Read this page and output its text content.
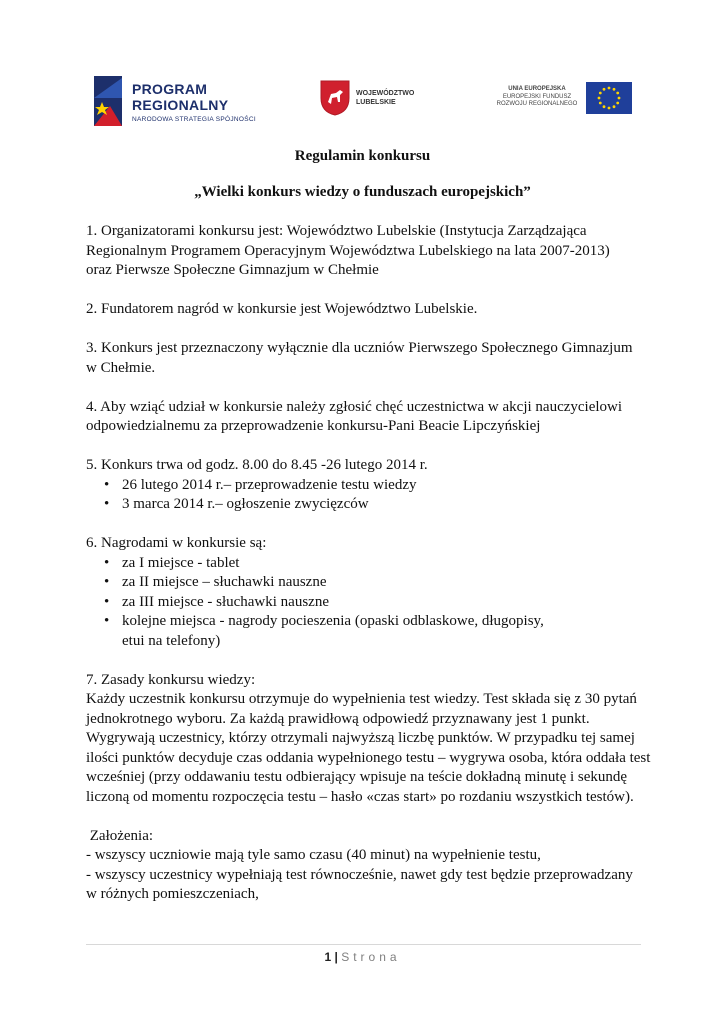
PROGRAM
REGIONALNY
NARODOWA STRATEGIA SPÓJNOŚCI
WOJEWÓDZTWO
LUBELSKIE
UNIA EUROPEJSKA
EUROPEJSKI FUNDUSZ
ROZWOJU REGIONALNEGO
Regulamin konkursu
„Wielki konkurs wiedzy o funduszach europejskich”

1. Organizatorami konkursu jest: Województwo Lubelskie (Instytucja Zarządzająca
Regionalnym Programem Operacyjnym Województwa Lubelskiego na lata 2007-2013)
oraz Pierwsze Społeczne Gimnazjum w Chełmie

2. Fundatorem nagród w konkursie jest Województwo Lubelskie.

3. Konkurs jest przeznaczony wyłącznie dla uczniów Pierwszego Społecznego Gimnazjum
w Chełmie.

4. Aby wziąć udział w konkursie należy zgłosić chęć uczestnictwa w akcji nauczycielowi
odpowiedzialnemu za przeprowadzenie konkursu-Pani Beacie Lipczyńskiej

5. Konkurs trwa od godz. 8.00 do 8.45 -26 lutego 2014 r.
• 26 lutego 2014 r.– przeprowadzenie testu wiedzy
• 3 marca 2014 r.– ogłoszenie zwycięzców
6. Nagrodami w konkursie są:
• za I miejsce - tablet
• za II miejsce – słuchawki nauszne
• za III miejsce - słuchawki nauszne
• kolejne miejsca - nagrody pocieszenia (opaski odblaskowe, długopisy,
etui na telefony)

7. Zasady konkursu wiedzy:
Każdy uczestnik konkursu otrzymuje do wypełnienia test wiedzy. Test składa się z 30 pytań
jednokrotnego wyboru. Za każdą prawidłową odpowiedź przyznawany jest 1 punkt.
Wygrywają uczestnicy, którzy otrzymali najwyższą liczbę punktów. W przypadku tej samej
ilości punktów decyduje czas oddania wypełnionego testu – wygrywa osoba, która oddała test
wcześniej (przy oddawaniu testu odbierający wpisuje na teście dokładną minutę i sekundę
liczoną od momentu rozpoczęcia testu – hasło «czas start» po rozdaniu wszystkich testów).

Założenia:
- wszyscy uczniowie mają tyle samo czasu (40 minut) na wypełnienie testu,
- wszyscy uczestnicy wypełniają test równocześnie, nawet gdy test będzie przeprowadzany
w różnych pomieszczeniach,

1 | Strona
